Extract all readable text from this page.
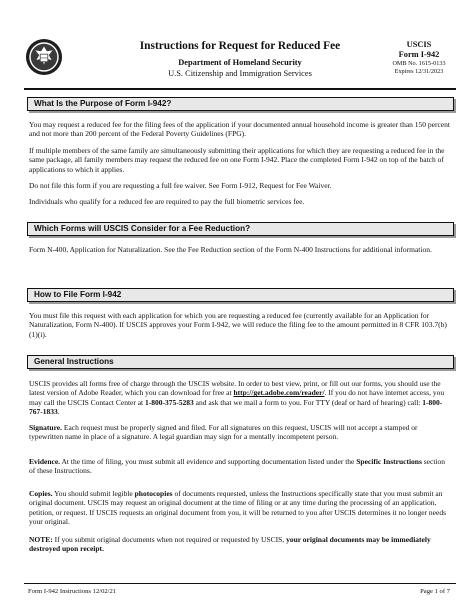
Instructions for Request for Reduced Fee
Department of Homeland Security
U.S. Citizenship and Immigration Services
USCIS
Form I-942
OMB No. 1615-0133
Expires 12/31/2023
What Is the Purpose of Form I-942?

You may request a reduced fee for the filing fees of the application if your documented annual household income is greater than 150 percent and not more than 200 percent of the Federal Poverty Guidelines (FPG).

If multiple members of the same family are simultaneously submitting their applications for which they are requesting a reduced fee in the same package, all family members may request the reduced fee on one Form I-942. Place the completed Form I-942 on top of the batch of applications to which it applies.

Do not file this form if you are requesting a full fee waiver. See Form I-912, Request for Fee Waiver.

Individuals who qualify for a reduced fee are required to pay the full biometric services fee.

Which Forms will USCIS Consider for a Fee Reduction?

Form N-400, Application for Naturalization. See the Fee Reduction section of the Form N-400 Instructions for additional information.

How to File Form I-942

You must file this request with each application for which you are requesting a reduced fee (currently available for an Application for Naturalization, Form N-400). If USCIS approves your Form I-942, we will reduce the filing fee to the amount permitted in 8 CFR 103.7(b)(1)(i).

General Instructions

USCIS provides all forms free of charge through the USCIS website. In order to best view, print, or fill out our forms, you should use the latest version of Adobe Reader, which you can download for free at http://get.adobe.com/reader/. If you do not have internet access, you may call the USCIS Contact Center at 1-800-375-5283 and ask that we mail a form to you. For TTY (deaf or hard of hearing) call: 1-800-767-1833.

Signature. Each request must be properly signed and filed. For all signatures on this request, USCIS will not accept a stamped or typewritten name in place of a signature. A legal guardian may sign for a mentally incompetent person.

Evidence. At the time of filing, you must submit all evidence and supporting documentation listed under the Specific Instructions section of these Instructions.

Copies. You should submit legible photocopies of documents requested, unless the Instructions specifically state that you must submit an original document. USCIS may request an original document at the time of filing or at any time during the processing of an application, petition, or request. If USCIS requests an original document from you, it will be returned to you after USCIS determines it no longer needs your original.

NOTE: If you submit original documents when not required or requested by USCIS, your original documents may be immediately destroyed upon receipt.

Form I-942 Instructions 12/02/21	Page 1 of 7
